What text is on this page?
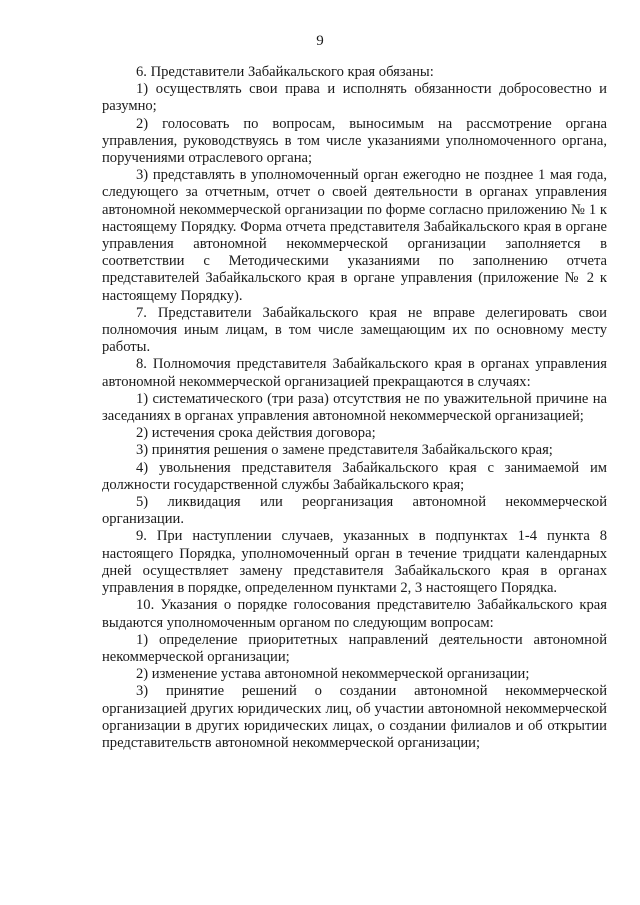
9

6. Представители Забайкальского края обязаны:

1) осуществлять свои права и исполнять обязанности добросовестно и разумно;

2) голосовать по вопросам, выносимым на рассмотрение органа управления, руководствуясь в том числе указаниями уполномоченного органа, поручениями отраслевого органа;

3) представлять в уполномоченный орган ежегодно не позднее 1 мая года, следующего за отчетным, отчет о своей деятельности в органах управления автономной некоммерческой организации по форме согласно приложению № 1 к настоящему Порядку. Форма отчета представителя Забайкальского края в органе управления автономной некоммерческой организации заполняется в соответствии с Методическими указаниями по заполнению отчета представителей Забайкальского края в органе управления (приложение № 2 к настоящему Порядку).

7. Представители Забайкальского края не вправе делегировать свои полномочия иным лицам, в том числе замещающим их по основному месту работы.

8. Полномочия представителя Забайкальского края в органах управления автономной некоммерческой организацией прекращаются в случаях:

1) систематического (три раза) отсутствия не по уважительной причине на заседаниях в органах управления автономной некоммерческой организацией;

2) истечения срока действия договора;

3) принятия решения о замене представителя Забайкальского края;

4) увольнения представителя Забайкальского края с занимаемой им должности государственной службы Забайкальского края;

5) ликвидация или реорганизация автономной некоммерческой организации.

9. При наступлении случаев, указанных в подпунктах 1-4 пункта 8 настоящего Порядка, уполномоченный орган в течение тридцати календарных дней осуществляет замену представителя Забайкальского края в органах управления в порядке, определенном пунктами 2, 3 настоящего Порядка.

10. Указания о порядке голосования представителю Забайкальского края выдаются уполномоченным органом по следующим вопросам:

1) определение приоритетных направлений деятельности автономной некоммерческой организации;

2) изменение устава автономной некоммерческой организации;

3) принятие решений о создании автономной некоммерческой организацией других юридических лиц, об участии автономной некоммерческой организации в других юридических лицах, о создании филиалов и об открытии представительств автономной некоммерческой организации;
